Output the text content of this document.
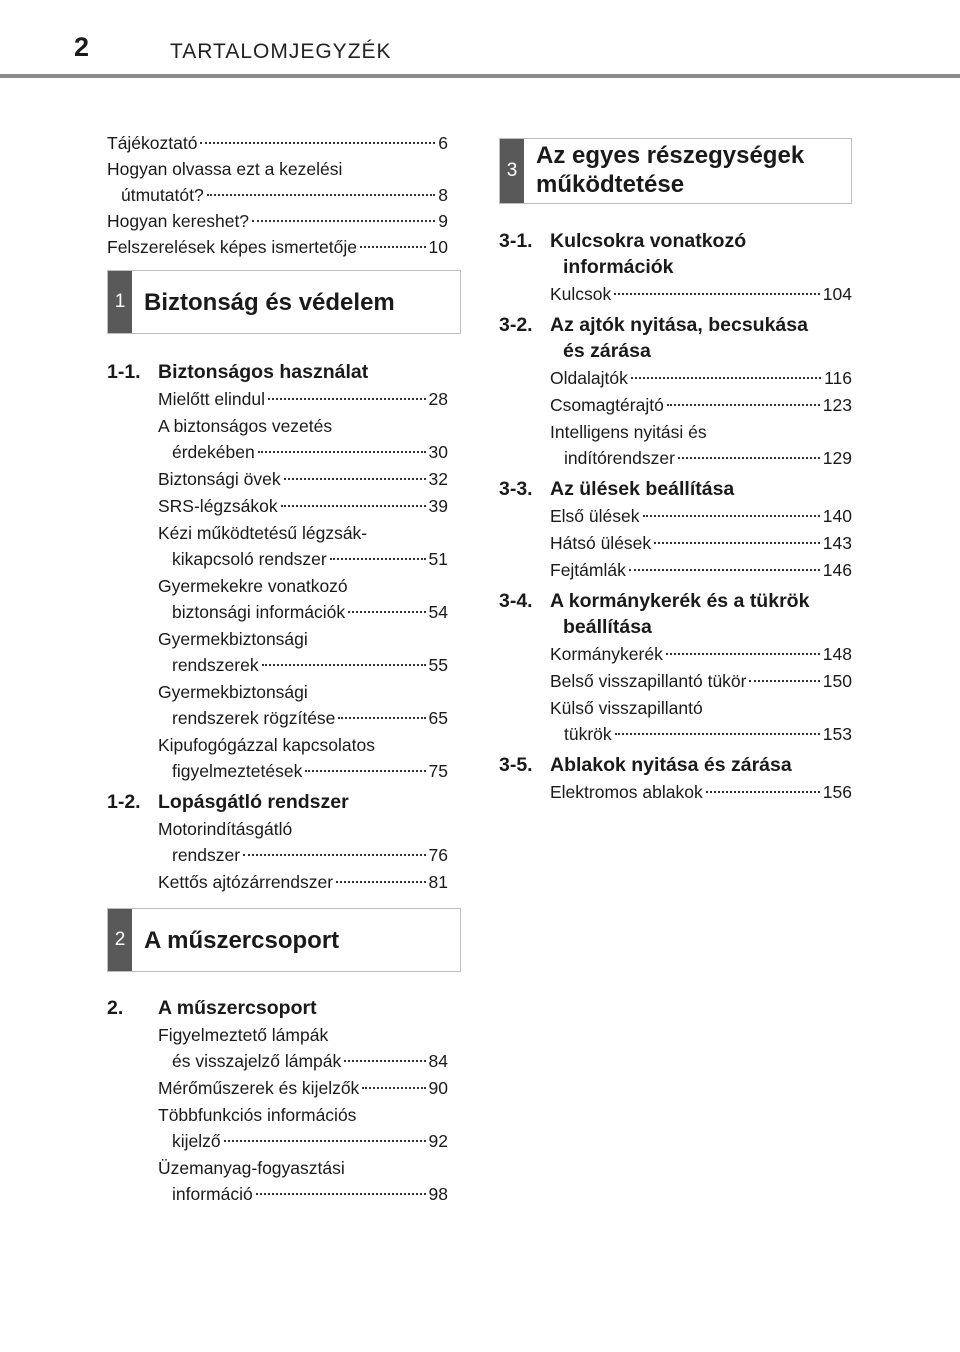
2	TARTALOMJEGYZÉK
Tájékoztató	6
Hogyan olvassa ezt a kezelési
útmutatót?	8
Hogyan kereshet?	9
Felszerelések képes ismertetője	10
1 Biztonság és védelem
1-1. Biztonságos használat
Mielőtt elindul	28
A biztonságos vezetés
érdekében	30
Biztonsági övek	32
SRS-légzsákok	39
Kézi működtetésű légzsák-
kikapcsoló rendszer	51
Gyermekekre vonatkozó
biztonsági információk	54
Gyermekbiztonsági
rendszerek	55
Gyermekbiztonsági
rendszerek rögzítése	65
Kipufogógázzal kapcsolatos
figyelmeztetések	75
1-2. Lopásgátló rendszer
Motorindításgátló
rendszer	76
Kettős ajtózárrendszer	81
2 A műszercsoport
2.	A műszercsoport
Figyelmeztető lámpák
és visszajelző lámpák	84
Mérőműszerek és kijelzők	90
Többfunkciós információs
kijelző	92
Üzemanyag-fogyasztási
információ	98
3
Az egyes részegységek
működtetése
3-1. Kulcsokra vonatkozó
információk
Kulcsok	104
3-2. Az ajtók nyitása, becsukása
és zárása
Oldalajtók	116
Csomagtérajtó	123
Intelligens nyitási és
indítórendszer	129
3-3. Az ülések beállítása
Első ülések	140
Hátsó ülések	143
Fejtámlák	146
3-4. A kormánykerék és a tükrök
beállítása
Kormánykerék	148
Belső visszapillantó tükör	150
Külső visszapillantó
tükrök	153
3-5. Ablakok nyitása és zárása
Elektromos ablakok	156
